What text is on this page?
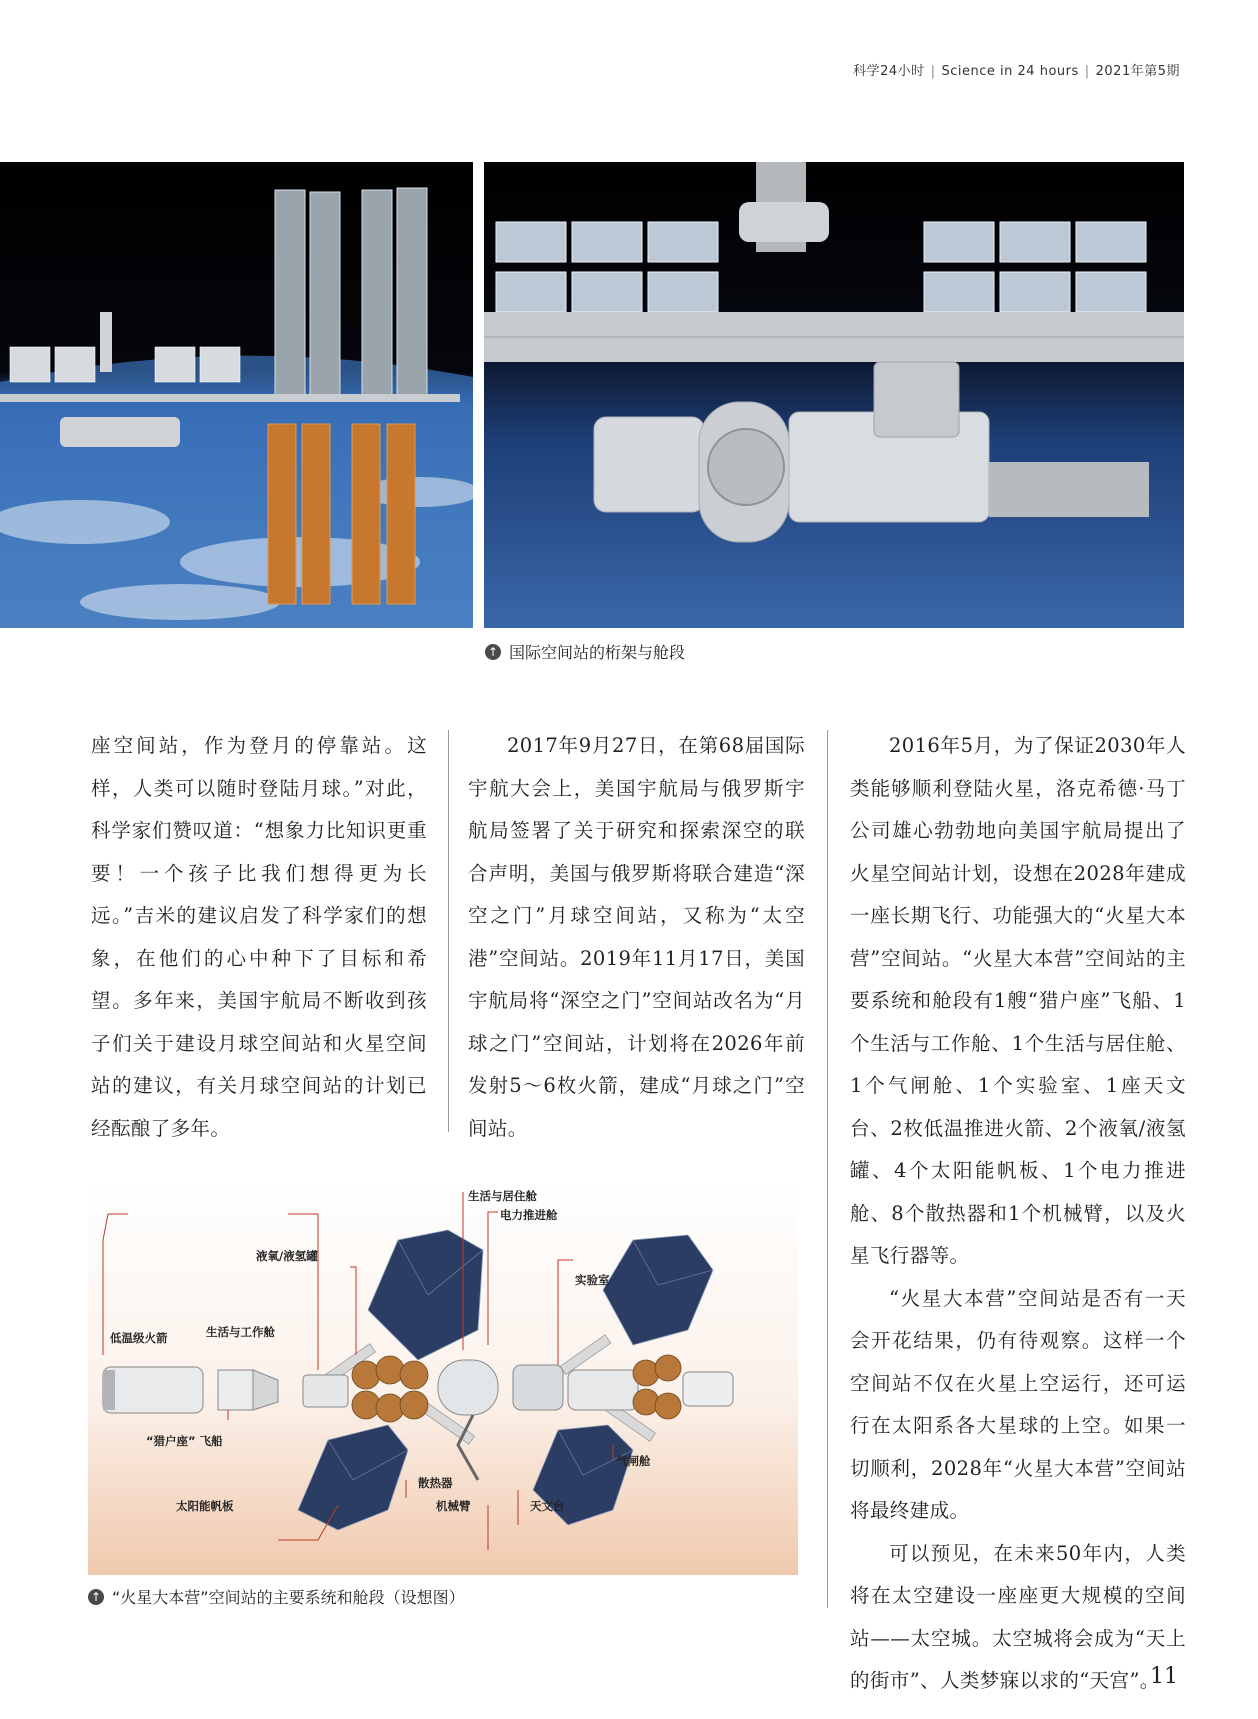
科学24小时 | Science in 24 hours | 2021年第5期
↑ 国际空间站的桁架与舱段

座空间站，作为登月的停靠站。这样，人类可以随时登陆月球。”对此，科学家们赞叹道：“想象力比知识更重要！一个孩子比我们想得更为长远。”吉米的建议启发了科学家们的想象，在他们的心中种下了目标和希望。多年来，美国宇航局不断收到孩子们关于建设月球空间站和火星空间站的建议，有关月球空间站的计划已经酝酿了多年。

2017年9月27日，在第68届国际宇航大会上，美国宇航局与俄罗斯宇航局签署了关于研究和探索深空的联合声明，美国与俄罗斯将联合建造“深空之门”月球空间站，又称为“太空港”空间站。2019年11月17日，美国宇航局将“深空之门”空间站改名为“月球之门”空间站，计划将在2026年前发射5～6枚火箭，建成“月球之门”空间站。

2016年5月，为了保证2030年人类能够顺利登陆火星，洛克希德·马丁公司雄心勃勃地向美国宇航局提出了火星空间站计划，设想在2028年建成一座长期飞行、功能强大的“火星大本营”空间站。“火星大本营”空间站的主要系统和舱段有1艘“猎户座”飞船、1个生活与工作舱、1个生活与居住舱、1个气闸舱、1个实验室、1座天文台、2枚低温推进火箭、2个液氧/液氢罐、4个太阳能帆板、1个电力推进舱、8个散热器和1个机械臂，以及火星飞行器等。

“火星大本营”空间站是否有一天会开花结果，仍有待观察。这样一个空间站不仅在火星上空运行，还可运行在太阳系各大星球的上空。如果一切顺利，2028年“火星大本营”空间站将最终建成。

可以预见，在未来50年内，人类将在太空建设一座座更大规模的空间站——太空城。太空城将会成为“天上的街市”、人类梦寐以求的“天宫”。

生活与居住舱
电力推进舱
液氧/液氢罐
实验室
生活与工作舱
低温级火箭
“猎户座” 飞船
气闸舱
散热器
太阳能帆板	机械臂	天文台
↑ “火星大本营”空间站的主要系统和舱段（设想图）
11
